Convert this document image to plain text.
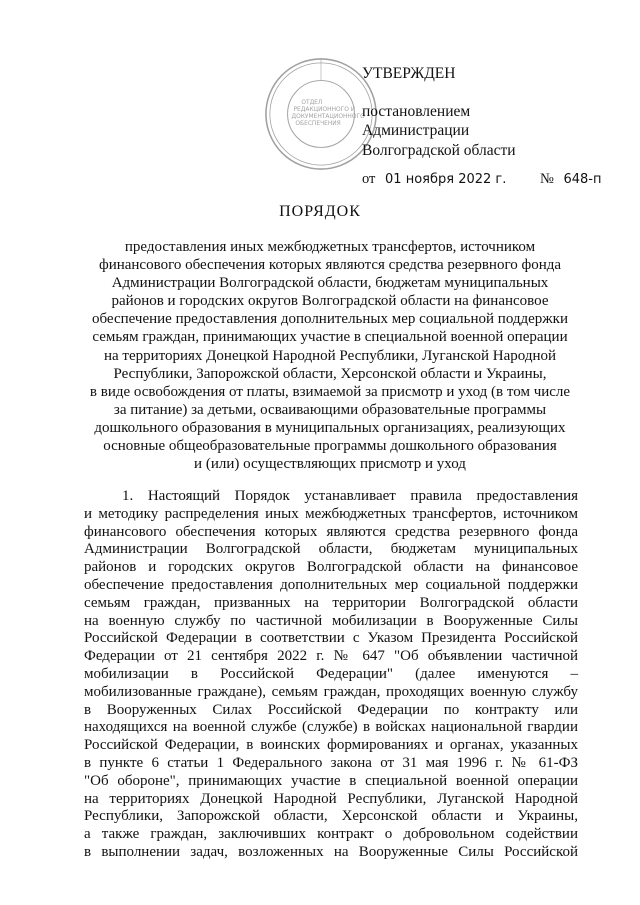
ОТДЕЛ
РЕДАКЦИОННОГО И
ДОКУМЕНТАЦИОННОГО
ОБЕСПЕЧЕНИЯ
УТВЕРЖДЕН
постановлением
Администрации
Волгоградской области
от 01 ноября 2022 г. № 648-п
ПОРЯДОК
предоставления иных межбюджетных трансфертов, источником
финансового обеспечения которых являются средства резервного фонда
Администрации Волгоградской области, бюджетам муниципальных
районов и городских округов Волгоградской области на финансовое
обеспечение предоставления дополнительных мер социальной поддержки
семьям граждан, принимающих участие в специальной военной операции
на территориях Донецкой Народной Республики, Луганской Народной
Республики, Запорожской области, Херсонской области и Украины,
в виде освобождения от платы, взимаемой за присмотр и уход (в том числе
за питание) за детьми, осваивающими образовательные программы
дошкольного образования в муниципальных организациях, реализующих
основные общеобразовательные программы дошкольного образования
и (или) осуществляющих присмотр и уход
1. Настоящий Порядок устанавливает правила предоставления
и методику распределения иных межбюджетных трансфертов, источником
финансового обеспечения которых являются средства резервного фонда
Администрации Волгоградской области, бюджетам муниципальных
районов и городских округов Волгоградской области на финансовое
обеспечение предоставления дополнительных мер социальной поддержки
семьям граждан, призванных на территории Волгоградской области
на военную службу по частичной мобилизации в Вооруженные Силы
Российской Федерации в соответствии с Указом Президента Российской
Федерации от 21 сентября 2022 г. № 647 "Об объявлении частичной
мобилизации в Российской Федерации" (далее именуются –
мобилизованные граждане), семьям граждан, проходящих военную службу
в Вооруженных Силах Российской Федерации по контракту или
находящихся на военной службе (службе) в войсках национальной гвардии
Российской Федерации, в воинских формированиях и органах, указанных
в пункте 6 статьи 1 Федерального закона от 31 мая 1996 г. № 61-ФЗ
"Об обороне", принимающих участие в специальной военной операции
на территориях Донецкой Народной Республики, Луганской Народной
Республики, Запорожской области, Херсонской области и Украины,
а также граждан, заключивших контракт о добровольном содействии
в выполнении задач, возложенных на Вооруженные Силы Российской
